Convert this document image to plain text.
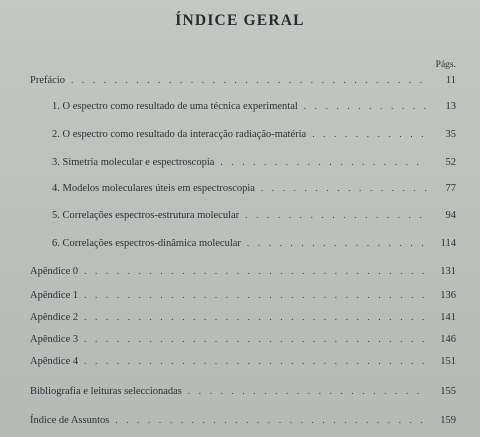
ÍNDICE GERAL
Págs.
Prefácio . . .	11
1. O espectro como resultado de uma técnica experimental . . .	13
2. O espectro como resultado da interacção radiação-matéria . . .	35
3. Simetria molecular e espectroscopia . . .	52
4. Modelos moleculares úteis em espectroscopia . . .	77
5. Correlações espectros-estrutura molecular . . .	94
6. Correlações espectros-dinâmica molecular . . .	114
Apêndice 0 . . .	131
Apêndice 1 . . .	136
Apêndice 2 . . .	141
Apêndice 3 . . .	146
Apêndice 4 . . .	151
Bibliografia e leituras seleccionadas . . .	155
Índice de Assuntos . . .	159
